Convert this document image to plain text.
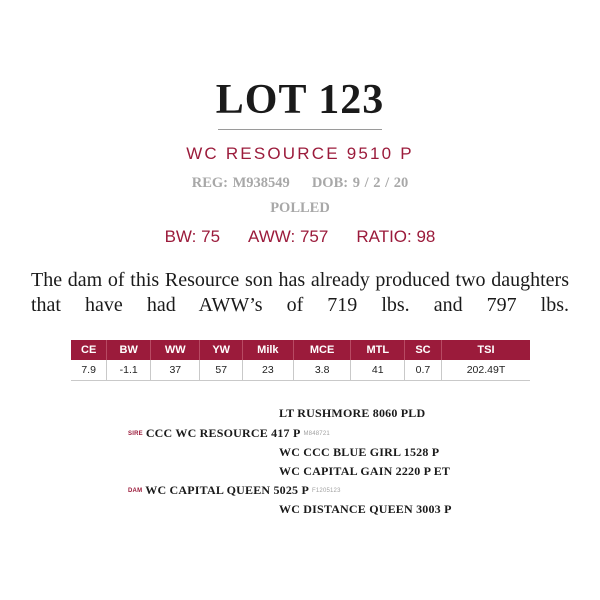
LOT 123
WC RESOURCE 9510 P
REG: M938549 DOB: 9 / 2 / 20
POLLED
BW: 75 AWW: 757 RATIO: 98
The dam of this Resource son has already produced two daughters that have had AWW’s of 719 lbs. and 797 lbs.
CE	BW	WW	YW	Milk	MCE	MTL	SC	TSI
7.9	-1.1	37	57	23	3.8	41	0.7	202.49T
LT RUSHMORE 8060 PLD
SIRE CCC WC RESOURCE 417 P M848721
WC CCC BLUE GIRL 1528 P
WC CAPITAL GAIN 2220 P ET
DAM WC CAPITAL QUEEN 5025 P F1205123
WC DISTANCE QUEEN 3003 P
